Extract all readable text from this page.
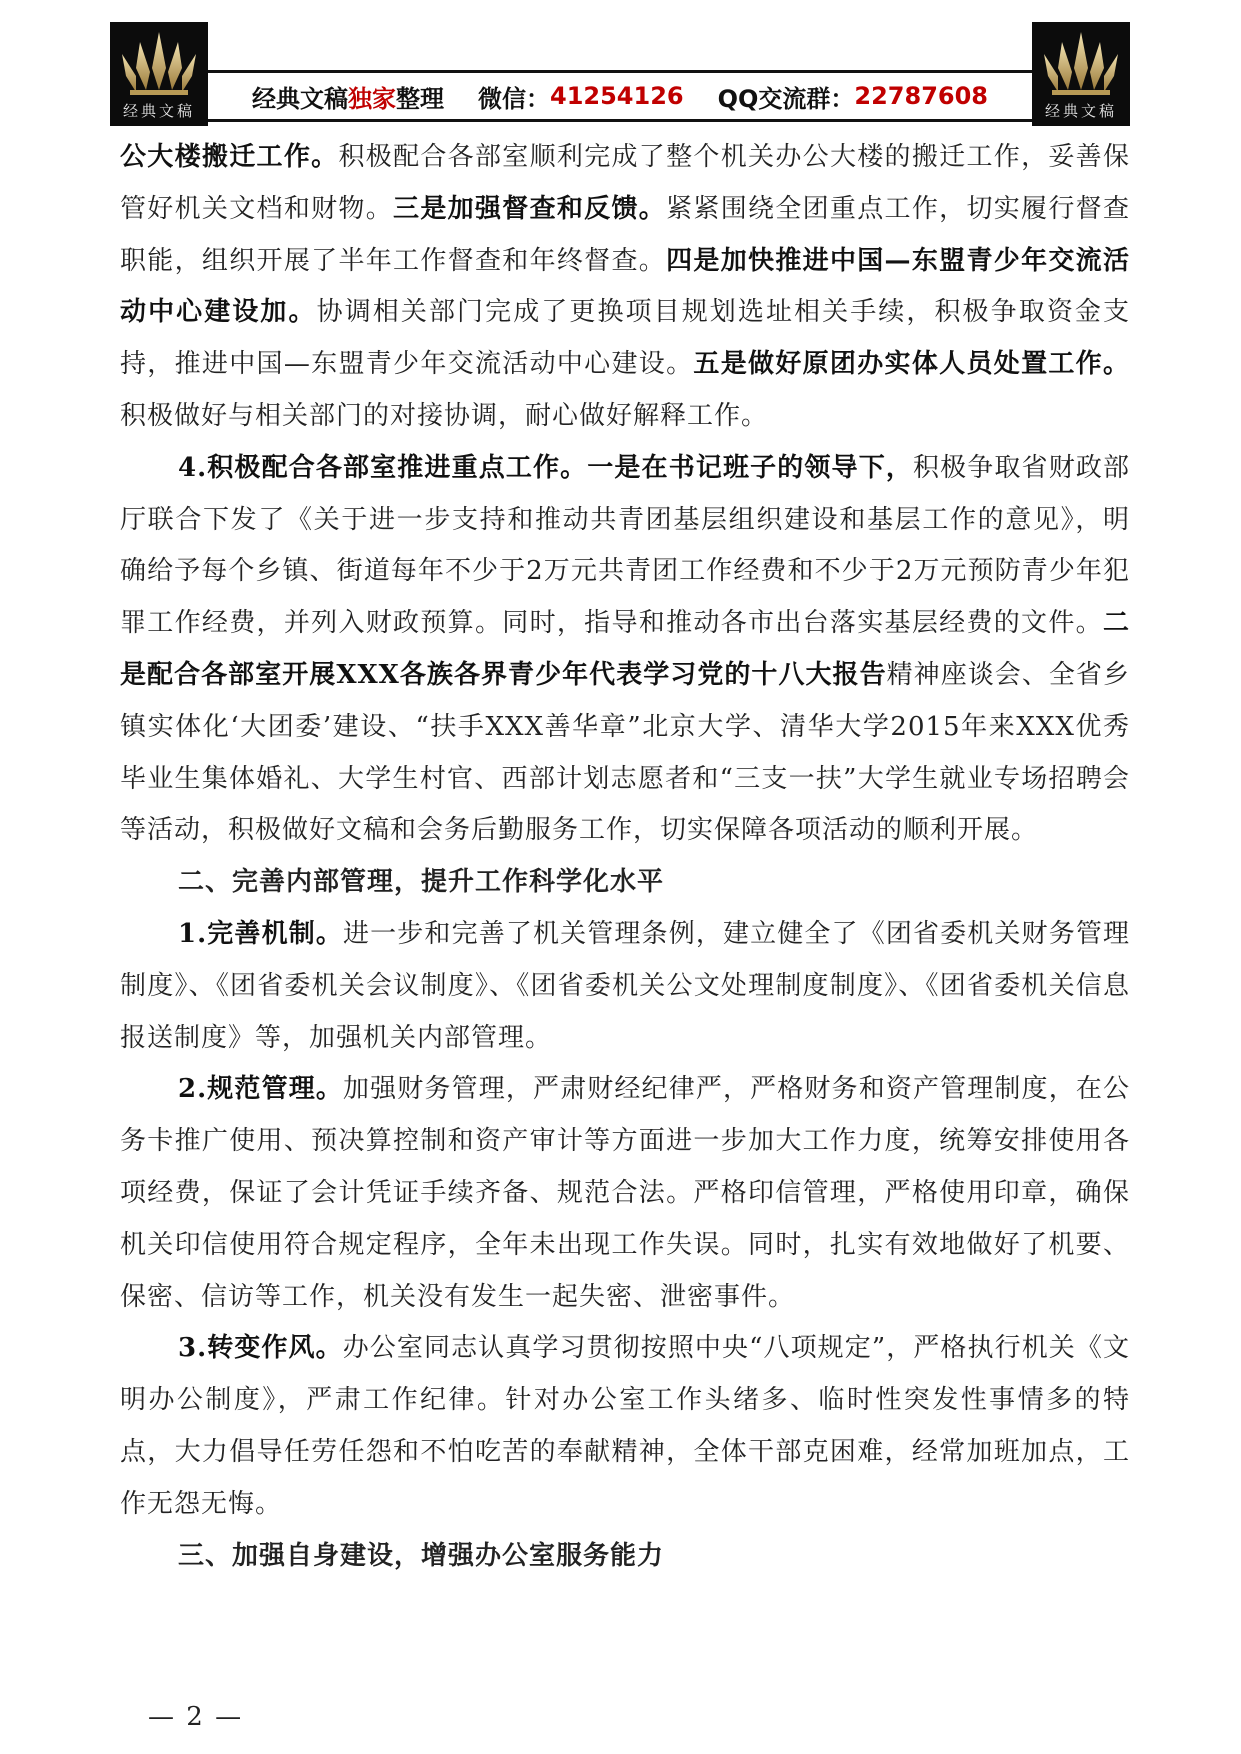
经典文稿	经典文稿
经典文稿独家整理 微信： 41254126 QQ交流群： 22787608

公大楼搬迁工作。积极配合各部室顺利完成了整个机关办公大楼的搬迁工作，妥善保管好机关文档和财物。三是加强督查和反馈。紧紧围绕全团重点工作，切实履行督查职能，组织开展了半年工作督查和年终督查。四是加快推进中国—东盟青少年交流活动中心建设加。协调相关部门完成了更换项目规划选址相关手续，积极争取资金支持，推进中国—东盟青少年交流活动中心建设。五是做好原团办实体人员处置工作。积极做好与相关部门的对接协调，耐心做好解释工作。

4.积极配合各部室推进重点工作。一是在书记班子的领导下，积极争取省财政部厅联合下发了《关于进一步支持和推动共青团基层组织建设和基层工作的意见》，明确给予每个乡镇、街道每年不少于2万元共青团工作经费和不少于2万元预防青少年犯罪工作经费，并列入财政预算。同时，指导和推动各市出台落实基层经费的文件。二是配合各部室开展XXX各族各界青少年代表学习党的十八大报告精神座谈会、全省乡镇实体化‘大团委’建设、“扶手XXX善华章”北京大学、清华大学2015年来XXX优秀毕业生集体婚礼、大学生村官、西部计划志愿者和“三支一扶”大学生就业专场招聘会等活动，积极做好文稿和会务后勤服务工作，切实保障各项活动的顺利开展。

二、完善内部管理，提升工作科学化水平

1.完善机制。进一步和完善了机关管理条例，建立健全了《团省委机关财务管理制度》、《团省委机关会议制度》、《团省委机关公文处理制度制度》、《团省委机关信息报送制度》等，加强机关内部管理。

2.规范管理。加强财务管理，严肃财经纪律严，严格财务和资产管理制度，在公务卡推广使用、预决算控制和资产审计等方面进一步加大工作力度，统筹安排使用各项经费，保证了会计凭证手续齐备、规范合法。严格印信管理，严格使用印章，确保机关印信使用符合规定程序，全年未出现工作失误。同时，扎实有效地做好了机要、保密、信访等工作，机关没有发生一起失密、泄密事件。

3.转变作风。办公室同志认真学习贯彻按照中央“八项规定”，严格执行机关《文明办公制度》，严肃工作纪律。针对办公室工作头绪多、临时性突发性事情多的特点，大力倡导任劳任怨和不怕吃苦的奉献精神，全体干部克困难，经常加班加点，工作无怨无悔。

三、加强自身建设，增强办公室服务能力

— 2 —
